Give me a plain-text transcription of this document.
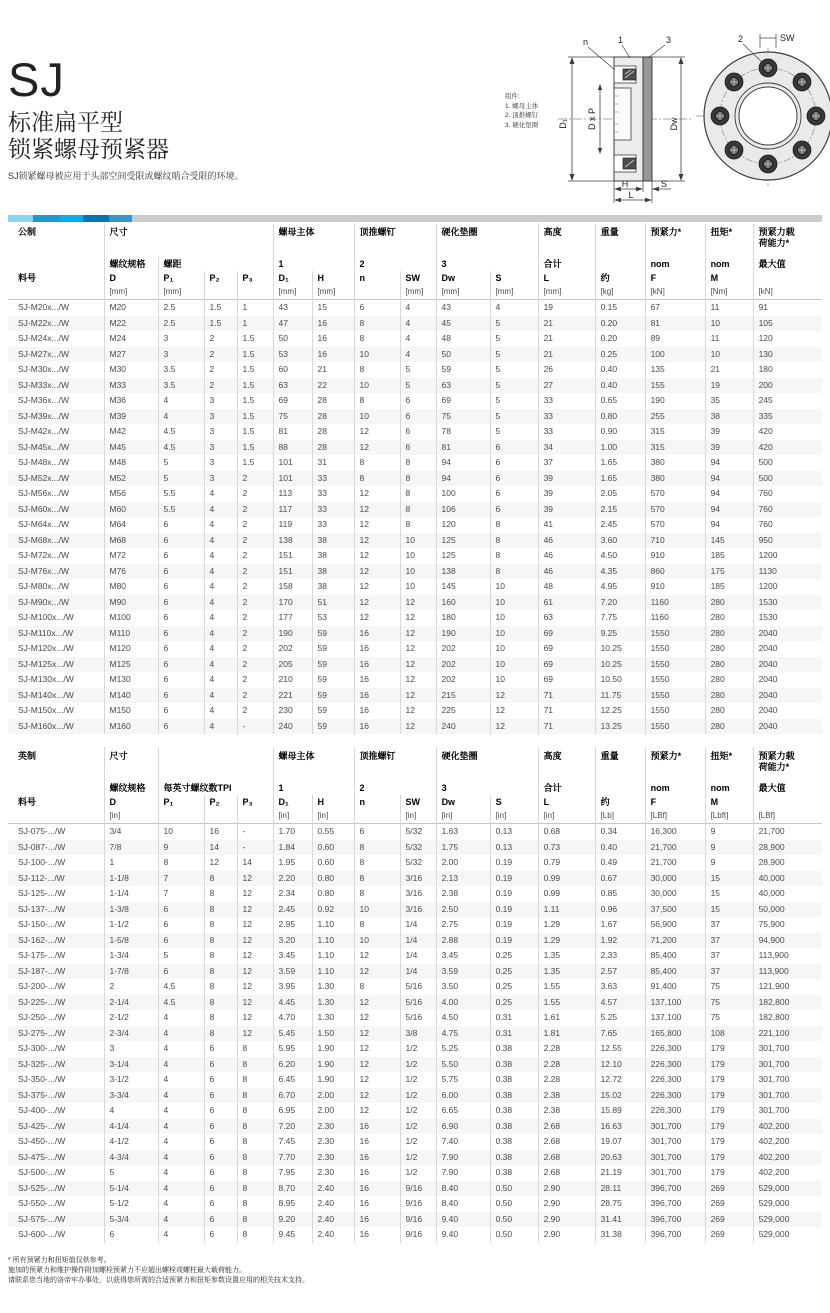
SJ
标准扁平型
锁紧螺母预紧器
SJ锁紧螺母被应用于头部空间受限或螺纹啮合受限的环境。
组件:
1. 螺母主体
2. 顶推螺钉
3. 硬化垫圈 D₁ D x P	Dw
n	1	3
H	S
L
2	SW
公制	尺寸				螺母主体		顶推螺钉		硬化垫圈		高度	重量	预紧力*	扭矩*	预紧力载
荷能力*
	螺纹规格	螺距			1		2		3		合计		nom	nom	最大值
料号	D	P₁	P₂	P₃	D₁	H	n	SW	Dw	S	L	约	F	M	
	[mm]	[mm]			[mm]	[mm]		[mm]	[mm]	[mm]	[mm]	[kg]	[kN]	[Nm]	[kN]
SJ-M20x.../W	M20	2.5	1.5	1	43	15	6	4	43	4	19	0.15	67	11	91
SJ-M22x.../W	M22	2.5	1.5	1	47	16	8	4	45	5	21	0.20	81	10	105
SJ-M24x.../W	M24	3	2	1.5	50	16	8	4	48	5	21	0.20	89	11	120
SJ-M27x.../W	M27	3	2	1.5	53	16	10	4	50	5	21	0.25	100	10	130
SJ-M30x.../W	M30	3.5	2	1.5	60	21	8	5	59	5	26	0.40	135	21	180
SJ-M33x.../W	M33	3.5	2	1.5	63	22	10	5	63	5	27	0.40	155	19	200
SJ-M36x.../W	M36	4	3	1.5	69	28	8	6	69	5	33	0.65	190	35	245
SJ-M39x.../W	M39	4	3	1.5	75	28	10	6	75	5	33	0.80	255	38	335
SJ-M42x.../W	M42	4.5	3	1.5	81	28	12	6	78	5	33	0.90	315	39	420
SJ-M45x.../W	M45	4.5	3	1.5	88	28	12	6	81	6	34	1.00	315	39	420
SJ-M48x.../W	M48	5	3	1.5	101	31	8	8	94	6	37	1.65	380	94	500
SJ-M52x.../W	M52	5	3	2	101	33	8	8	94	6	39	1.65	380	94	500
SJ-M56x.../W	M56	5.5	4	2	113	33	12	8	100	6	39	2.05	570	94	760
SJ-M60x.../W	M60	5.5	4	2	117	33	12	8	106	6	39	2.15	570	94	760
SJ-M64x.../W	M64	6	4	2	119	33	12	8	120	8	41	2.45	570	94	760
SJ-M68x.../W	M68	6	4	2	138	38	12	10	125	8	46	3.60	710	145	950
SJ-M72x.../W	M72	6	4	2	151	38	12	10	125	8	46	4.50	910	185	1200
SJ-M76x.../W	M76	6	4	2	151	38	12	10	138	8	46	4.35	860	175	1130
SJ-M80x.../W	M80	6	4	2	158	38	12	10	145	10	48	4.95	910	185	1200
SJ-M90x.../W	M90	6	4	2	170	51	12	12	160	10	61	7.20	1160	280	1530
SJ-M100x.../W	M100	6	4	2	177	53	12	12	180	10	63	7.75	1160	280	1530
SJ-M110x.../W	M110	6	4	2	190	59	16	12	190	10	69	9.25	1550	280	2040
SJ-M120x.../W	M120	6	4	2	202	59	16	12	202	10	69	10.25	1550	280	2040
SJ-M125x.../W	M125	6	4	2	205	59	16	12	202	10	69	10.25	1550	280	2040
SJ-M130x.../W	M130	6	4	2	210	59	16	12	202	10	69	10.50	1550	280	2040
SJ-M140x.../W	M140	6	4	2	221	59	16	12	215	12	71	11.75	1550	280	2040
SJ-M150x.../W	M150	6	4	2	230	59	16	12	225	12	71	12.25	1550	280	2040
SJ-M160x.../W	M160	6	4	-	240	59	16	12	240	12	71	13.25	1550	280	2040
英制	尺寸				螺母主体		顶推螺钉		硬化垫圈		高度	重量	预紧力*	扭矩*	预紧力载
荷能力*
	螺纹规格	每英寸螺纹数TPI			1		2		3		合计		nom	nom	最大值
料号	D	P₁	P₂	P₃	D₁	H	n	SW	Dw	S	L	约	F	M	
	[in]				[in]	[in]		[in]	[in]	[in]	[in]	[Lb]	[LBf]	[Lbft]	[LBf]
SJ-075-.../W	3/4	10	16	-	1.70	0.55	6	5/32	1.63	0.13	0.68	0.34	16,300	9	21,700
SJ-087-.../W	7/8	9	14	-	1.84	0.60	8	5/32	1.75	0.13	0.73	0.40	21,700	9	28,900
SJ-100-.../W	1	8	12	14	1.95	0.60	8	5/32	2.00	0.19	0.79	0.49	21,700	9	28,900
SJ-112-.../W	1-1/8	7	8	12	2.20	0.80	8	3/16	2.13	0.19	0.99	0.67	30,000	15	40,000
SJ-125-.../W	1-1/4	7	8	12	2.34	0.80	8	3/16	2.38	0.19	0.99	0.85	30,000	15	40,000
SJ-137-.../W	1-3/8	6	8	12	2.45	0.92	10	3/16	2.50	0.19	1.11	0.96	37,500	15	50,000
SJ-150-.../W	1-1/2	6	8	12	2.95	1.10	8	1/4	2.75	0.19	1.29	1.67	56,900	37	75,900
SJ-162-.../W	1-5/8	6	8	12	3.20	1.10	10	1/4	2.88	0.19	1.29	1.92	71,200	37	94,900
SJ-175-.../W	1-3/4	5	8	12	3.45	1.10	12	1/4	3.45	0.25	1.35	2.33	85,400	37	113,900
SJ-187-.../W	1-7/8	6	8	12	3.59	1.10	12	1/4	3.59	0.25	1.35	2.57	85,400	37	113,900
SJ-200-.../W	2	4.5	8	12	3.95	1.30	8	5/16	3.50	0.25	1.55	3.63	91,400	75	121,900
SJ-225-.../W	2-1/4	4.5	8	12	4.45	1.30	12	5/16	4.00	0.25	1.55	4.57	137,100	75	182,800
SJ-250-.../W	2-1/2	4	8	12	4.70	1.30	12	5/16	4.50	0.31	1.61	5.25	137,100	75	182,800
SJ-275-.../W	2-3/4	4	8	12	5.45	1.50	12	3/8	4.75	0.31	1.81	7.65	165,800	108	221,100
SJ-300-.../W	3	4	6	8	5.95	1.90	12	1/2	5.25	0.38	2.28	12.55	226,300	179	301,700
SJ-325-.../W	3-1/4	4	6	8	6.20	1.90	12	1/2	5.50	0.38	2.28	12.10	226,300	179	301,700
SJ-350-.../W	3-1/2	4	6	8	6.45	1.90	12	1/2	5.75	0.38	2.28	12.72	226,300	179	301,700
SJ-375-.../W	3-3/4	4	6	8	6.70	2.00	12	1/2	6.00	0.38	2.38	15.02	226,300	179	301,700
SJ-400-.../W	4	4	6	8	6.95	2.00	12	1/2	6.65	0.38	2.38	15.89	226,300	179	301,700
SJ-425-.../W	4-1/4	4	6	8	7.20	2.30	16	1/2	6.90	0.38	2.68	16.63	301,700	179	402,200
SJ-450-.../W	4-1/2	4	6	8	7.45	2.30	16	1/2	7.40	0.38	2.68	19.07	301,700	179	402,200
SJ-475-.../W	4-3/4	4	6	8	7.70	2.30	16	1/2	7.90	0.38	2.68	20.63	301,700	179	402,200
SJ-500-.../W	5	4	6	8	7.95	2.30	16	1/2	7.90	0.38	2.68	21.19	301,700	179	402,200
SJ-525-.../W	5-1/4	4	6	8	8.70	2.40	16	9/16	8.40	0.50	2.90	28.11	396,700	269	529,000
SJ-550-.../W	5-1/2	4	6	8	8.95	2.40	16	9/16	8.40	0.50	2.90	28.75	396,700	269	529,000
SJ-575-.../W	5-3/4	4	6	8	9.20	2.40	16	9/16	9.40	0.50	2.90	31.41	396,700	269	529,000
SJ-600-.../W	6	4	6	8	9.45	2.40	16	9/16	9.40	0.50	2.90	31.38	396,700	269	529,000
* 所有预紧力和扭矩值仅供参考。
施加的预紧力和维护操作附加螺栓预紧力不应超出螺栓或螺柱最大载荷能力。
请联系您当地的洛帝牢办事处，以获得您所需的合适预紧力和扭矩参数设置应用的相关技术支持。
